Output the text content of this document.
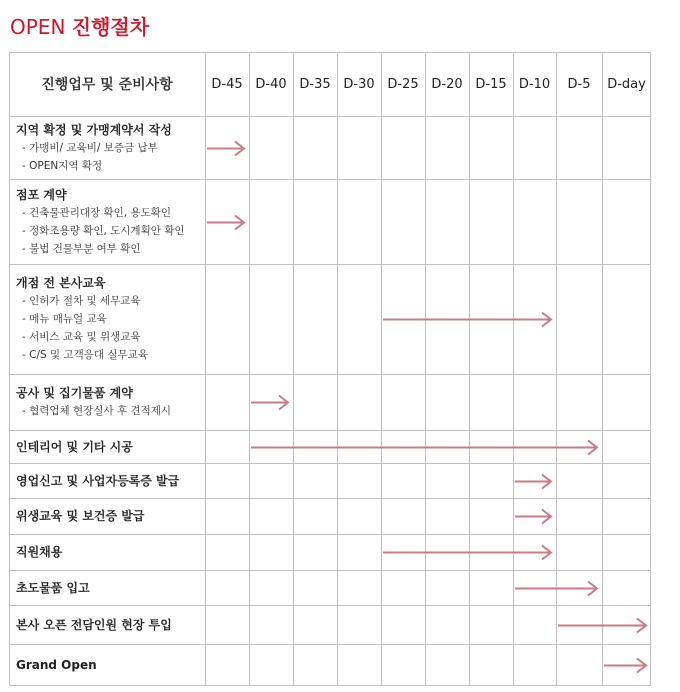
OPEN 진행절차
진행업무 및 준비사항	D-45 D-40 D-35 D-30 D-25 D-20 D-15 D-10	D-5	D-day
지역 확정 및 가맹계약서 작성
- 가맹비/ 교육비/ 보증금 납부
- OPEN지역 확정
점포 계약
- 건축물관리대장 확인, 용도확인
- 정화조용량 확인, 도시계획안 확인
- 불법 건물부분 여부 확인
개점 전 본사교육
- 인허가 절차 및 세무교육
- 메뉴 매뉴얼 교육
- 서비스 교육 및 위생교육
- C/S 및 고객응대 실무교육
공사 및 집기물품 계약
- 협력업체 현장실사 후 견적제시
인테리어 및 기타 시공
영업신고 및 사업자등록증 발급
위생교육 및 보건증 발급
직원채용
초도물품 입고
본사 오픈 전담인원 현장 투입
Grand Open
